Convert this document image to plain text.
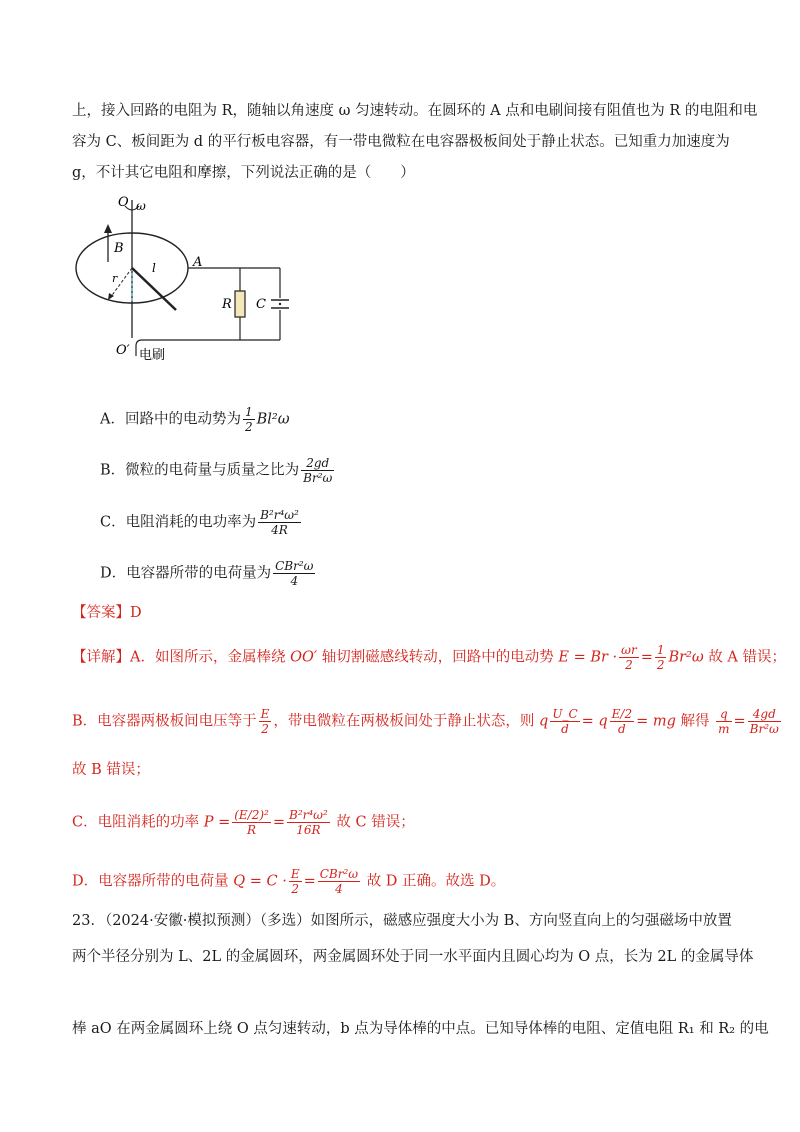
上，接入回路的电阻为 R，随轴以角速度 ω 匀速转动。在圆环的 A 点和电刷间接有阻值也为 R 的电阻和电
容为 C、板间距为 d 的平行板电容器，有一带电微粒在电容器极板间处于静止状态。已知重力加速度为
g，不计其它电阻和摩擦，下列说法正确的是（　　）
O ω
B
r
l	A
R C
O′ 电刷
A．回路中的电动势为 $\frac{1}{2} Bl^2\omega$
B．微粒的电荷量与质量之比为 $\frac{2gd}{\text{Br²ω}}$
C．电阻消耗的电功率为 $\frac{\text{B²r⁴ω²}}{4R}$
D．电容器所带的电荷量为 $\frac{\text{CBr²ω}}{4}$
【答案】D
【详解】A．如图所示，金属棒绕 OO′ 轴切割磁感线转动，回路中的电动势 $E = Br \cdot \frac{\omega r}{2} = \frac{1}{2} Br^2\omega$ 故 A 错误；
B．电容器两极板间电压等于 $\frac{E}{2}$ ，带电微粒在两极板间处于静止状态，则 q $\frac{U\_C}{d} = q \frac{E/2}{d}$ = mg 解得 $\frac{q}{m} = \frac{4gd}{\text{Br²ω}}$
故 B 错误；
C．电阻消耗的功率 $P = \frac{\text{(E/2)²}}{R} = \frac{\text{B²r⁴ω²}}{16R}$ 故 C 错误；
D．电容器所带的电荷量 $Q = C \cdot \frac{E}{2} = \frac{\text{CBr²ω}}{4}$ 故 D 正确。故选 D。
23．（2024·安徽·模拟预测）（多选）如图所示，磁感应强度大小为 B、方向竖直向上的匀强磁场中放置
两个半径分别为 L、2L 的金属圆环，两金属圆环处于同一水平面内且圆心均为 O 点，长为 2L 的金属导体
棒 aO 在两金属圆环上绕 O 点匀速转动，b 点为导体棒的中点。已知导体棒的电阻、定值电阻 R₁ 和 R₂ 的电
